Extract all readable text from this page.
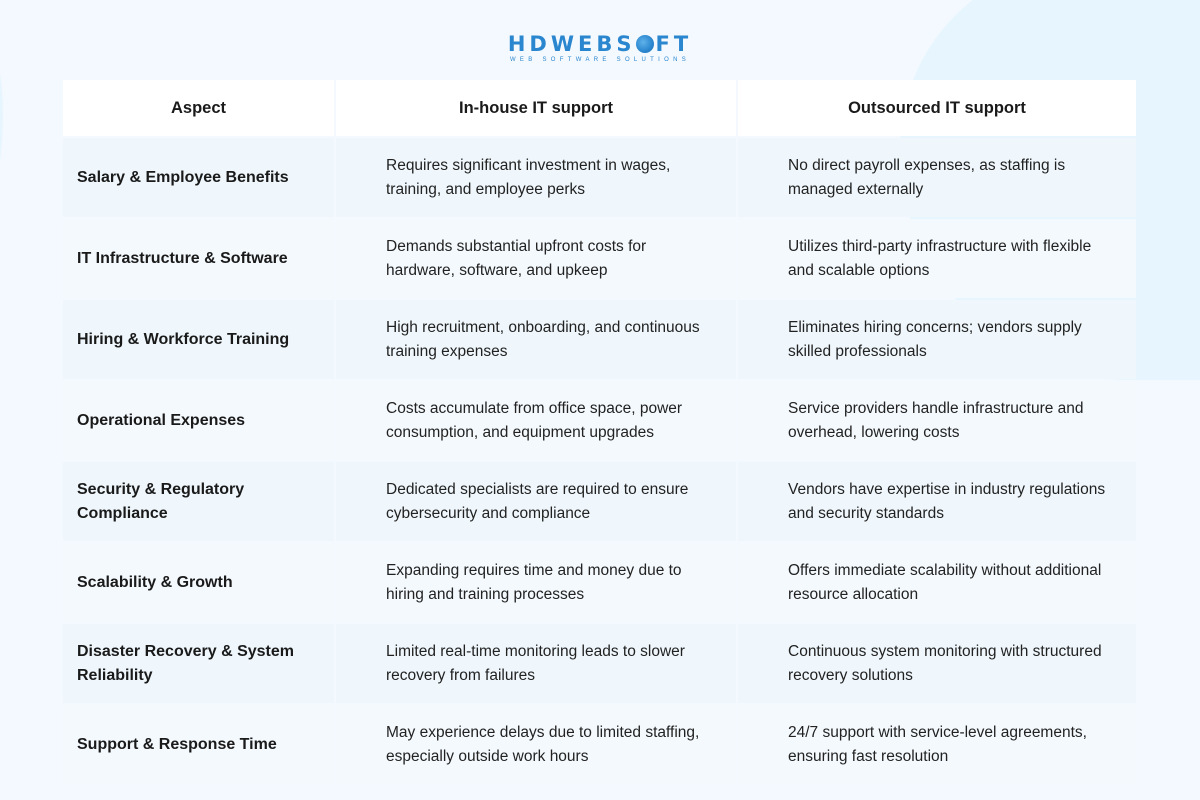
HDWEBS FT
WEB SOFTWARE SOLUTIONS
Aspect	In-house IT support	Outsourced IT support
Salary & Employee Benefits
Requires significant investment in wages, training, and employee perks
No direct payroll expenses, as staffing is managed externally
IT Infrastructure & Software
Demands substantial upfront costs for hardware, software, and upkeep
Utilizes third-party infrastructure with flexible and scalable options
Hiring & Workforce Training
High recruitment, onboarding, and continuous training expenses
Eliminates hiring concerns; vendors supply skilled professionals
Operational Expenses
Costs accumulate from office space, power consumption, and equipment upgrades
Service providers handle infrastructure and overhead, lowering costs
Security & Regulatory Compliance
Dedicated specialists are required to ensure cybersecurity and compliance
Vendors have expertise in industry regulations and security standards
Scalability & Growth
Expanding requires time and money due to hiring and training processes
Offers immediate scalability without additional resource allocation
Disaster Recovery & System Reliability
Limited real-time monitoring leads to slower recovery from failures
Continuous system monitoring with structured recovery solutions
Support & Response Time
May experience delays due to limited staffing, especially outside work hours
24/7 support with service-level agreements, ensuring fast resolution
